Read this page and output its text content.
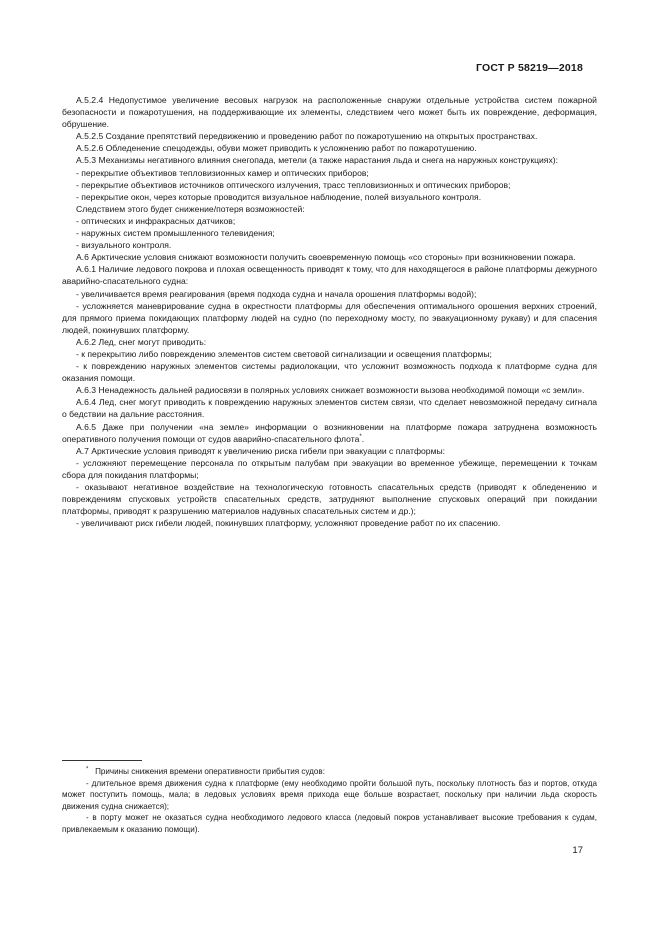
ГОСТ Р 58219—2018

А.5.2.4 Недопустимое увеличение весовых нагрузок на расположенные снаружи отдельные устройства систем пожарной безопасности и пожаротушения, на поддерживающие их элементы, следствием чего может быть их повреждение, деформация, обрушение.

А.5.2.5 Создание препятствий передвижению и проведению работ по пожаротушению на открытых пространствах.

А.5.2.6 Обледенение спецодежды, обуви может приводить к усложнению работ по пожаротушению.

А.5.3 Механизмы негативного влияния снегопада, метели (а также нарастания льда и снега на наружных конструкциях):

- перекрытие объективов тепловизионных камер и оптических приборов;

- перекрытие объективов источников оптического излучения, трасс тепловизионных и оптических приборов;

- перекрытие окон, через которые проводится визуальное наблюдение, полей визуального контроля.

Следствием этого будет снижение/потеря возможностей:

- оптических и инфракрасных датчиков;

- наружных систем промышленного телевидения;

- визуального контроля.

А.6 Арктические условия снижают возможности получить своевременную помощь «со стороны» при возникновении пожара.

А.6.1 Наличие ледового покрова и плохая освещенность приводят к тому, что для находящегося в районе платформы дежурного аварийно-спасательного судна:

- увеличивается время реагирования (время подхода судна и начала орошения платформы водой);

- усложняется маневрирование судна в окрестности платформы для обеспечения оптимального орошения верхних строений, для прямого приема покидающих платформу людей на судно (по переходному мосту, по эвакуационному рукаву) и для спасения людей, покинувших платформу.

А.6.2 Лед, снег могут приводить:

- к перекрытию либо повреждению элементов систем световой сигнализации и освещения платформы;

- к повреждению наружных элементов системы радиолокации, что усложнит возможность подхода к платформе судна для оказания помощи.

А.6.3 Ненадежность дальней радиосвязи в полярных условиях снижает возможности вызова необходимой помощи «с земли».

А.6.4 Лед, снег могут приводить к повреждению наружных элементов систем связи, что сделает невозможной передачу сигнала о бедствии на дальние расстояния.

А.6.5 Даже при получении «на земле» информации о возникновении на платформе пожара затруднена возможность оперативного получения помощи от судов аварийно-спасательного флота*.

А.7 Арктические условия приводят к увеличению риска гибели при эвакуации с платформы:

- усложняют перемещение персонала по открытым палубам при эвакуации во временное убежище, перемещении к точкам сбора для покидания платформы;

- оказывают негативное воздействие на технологическую готовность спасательных средств (приводят к обледенению и повреждениям спусковых устройств спасательных средств, затрудняют выполнение спусковых операций при покидании платформы, приводят к разрушению материалов надувных спасательных систем и др.);

- увеличивают риск гибели людей, покинувших платформу, усложняют проведение работ по их спасению.

* Причины снижения времени оперативности прибытия судов:

- длительное время движения судна к платформе (ему необходимо пройти большой путь, поскольку плотность баз и портов, откуда может поступить помощь, мала; в ледовых условиях время прихода еще больше возрастает, поскольку при наличии льда скорость движения судна снижается);

- в порту может не оказаться судна необходимого ледового класса (ледовый покров устанавливает высокие требования к судам, привлекаемым к оказанию помощи).

17
